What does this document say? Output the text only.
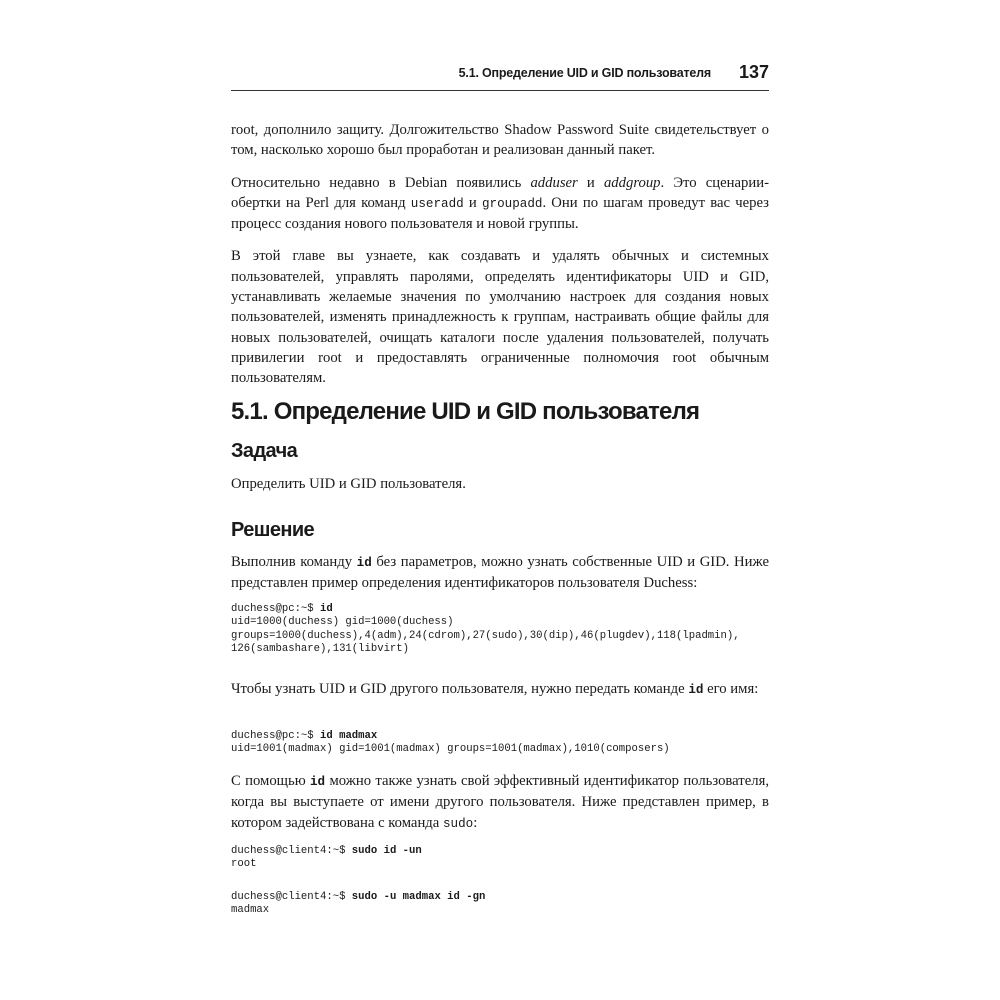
5.1. Определение UID и GID пользователя 137

root, дополнило защиту. Долгожительство Shadow Password Suite свидетельствует о том, насколько хорошо был проработан и реализован данный пакет.

Относительно недавно в Debian появились adduser и addgroup. Это сценарии-обертки на Perl для команд useradd и groupadd. Они по шагам проведут вас через процесс создания нового пользователя и новой группы.

В этой главе вы узнаете, как создавать и удалять обычных и системных пользователей, управлять паролями, определять идентификаторы UID и GID, устанавливать желаемые значения по умолчанию настроек для создания новых пользователей, изменять принадлежность к группам, настраивать общие файлы для новых пользователей, очищать каталоги после удаления пользователей, получать привилегии root и предоставлять ограниченные полномочия root обычным пользователям.

5.1. Определение UID и GID пользователя
Задача

Определить UID и GID пользователя.

Решение

Выполнив команду id без параметров, можно узнать собственные UID и GID. Ниже представлен пример определения идентификаторов пользователя Duchess:

duchess@pc:~$ id
uid=1000(duchess) gid=1000(duchess)
groups=1000(duchess),4(adm),24(cdrom),27(sudo),30(dip),46(plugdev),118(lpadmin),
126(sambashare),131(libvirt)

Чтобы узнать UID и GID другого пользователя, нужно передать команде id его имя:

duchess@pc:~$ id madmax
uid=1001(madmax) gid=1001(madmax) groups=1001(madmax),1010(composers)

С помощью id можно также узнать свой эффективный идентификатор пользователя, когда вы выступаете от имени другого пользователя. Ниже представлен пример, в котором задействована с команда sudo:

duchess@client4:~$ sudo id -un
root
duchess@client4:~$ sudo -u madmax id -gn
madmax
